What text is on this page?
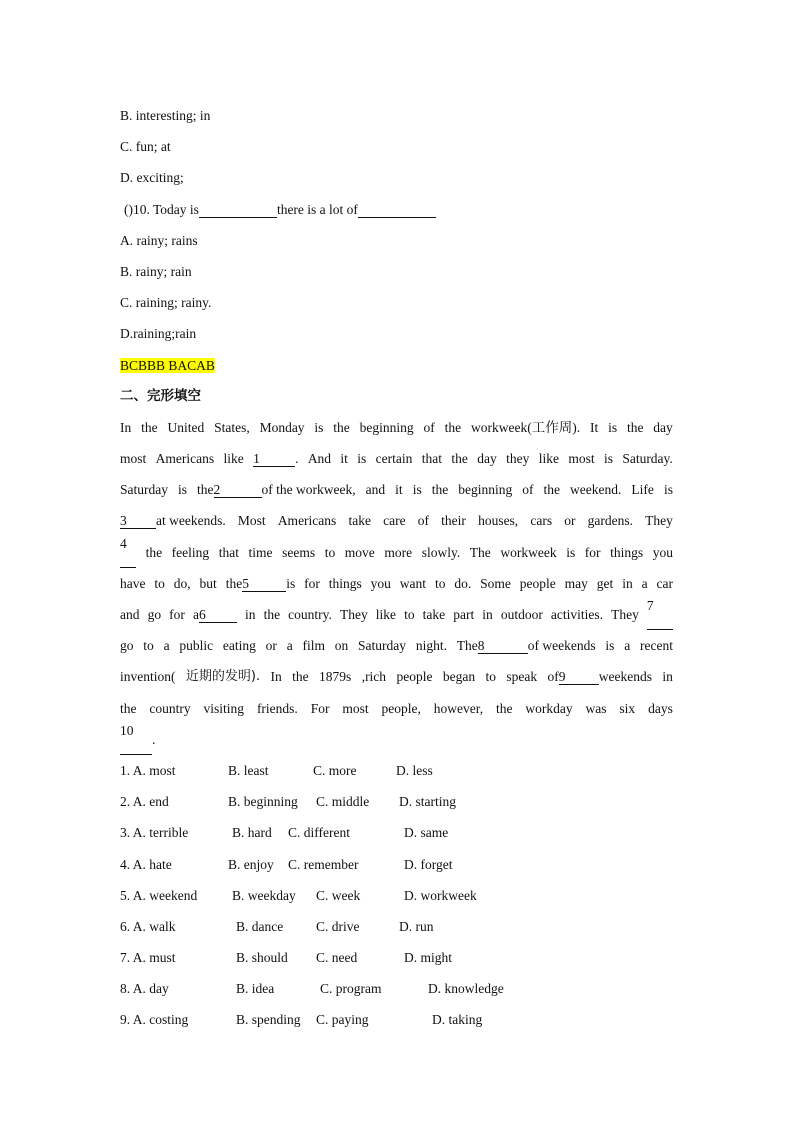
B. interesting; in
C. fun; at
D. exciting;
()10. Today is	there is a lot of
A. rainy; rains
B. rainy; rain
C. raining; rainy.
D.raining;rain
BCBBB BACAB
二、完形填空
In the United States, Monday is the beginning of the workweek(工作周). It is the day
most Americans like 1	. And it is certain that the day they like most is Saturday.
Saturday is the2	of the workweek, and it is the beginning of the weekend. Life is
3 at weekends. Most Americans take care of their houses, cars or gardens. They
4
the feeling that time seems to move more slowly. The workweek is for things you
have to do, but the5	is for things you want to do. Some people may get in a car
and go for a6	in the country. They like to take part in outdoor activities. They
7
go to a public eating or a film on Saturday night. The8	of weekends is a recent
invention( 近期的发明). In the 1879s ,rich people began to speak of9 weekends in
the country visiting friends. For most people, however, the workday was six days
10
.
1. A. most	B. least	C. more	D. less
2. A. end	B. beginning C. middle D. starting
3. A. terrible	B. hard C. different	D. same
4. A. hate	B. enjoy C. remember	D. forget
5. A. weekend	B. weekday C. week	D. workweek
6. A. walk	B. dance C. drive	D. run
7. A. must	B. should C. need	D. might
8. A. day	B. idea	C. program	D. knowledge
9. A. costing	B. spending C. paying	D. taking
